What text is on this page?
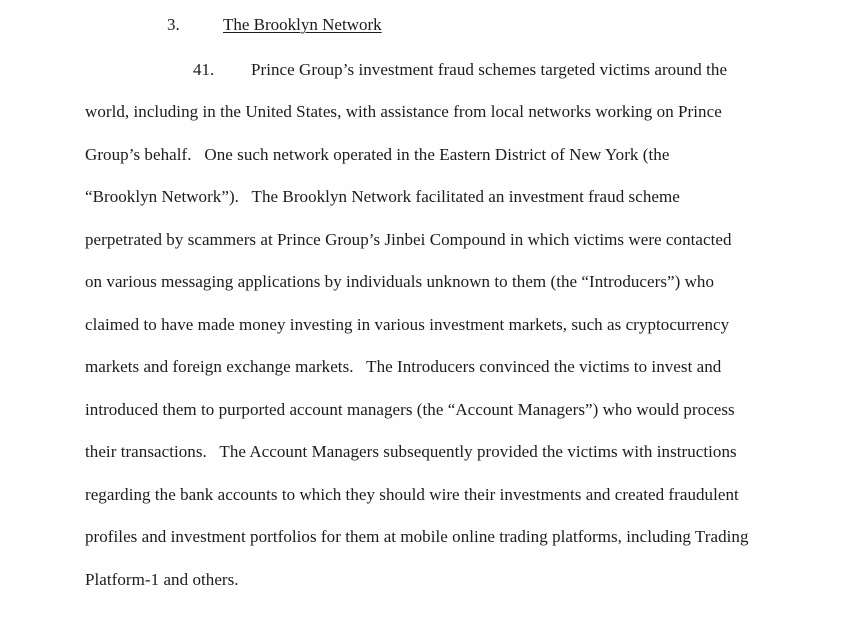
3.	The Brooklyn Network
41. Prince Group’s investment fraud schemes targeted victims around the
world, including in the United States, with assistance from local networks working on Prince
Group’s behalf.   One such network operated in the Eastern District of New York (the
“Brooklyn Network”).   The Brooklyn Network facilitated an investment fraud scheme
perpetrated by scammers at Prince Group’s Jinbei Compound in which victims were contacted
on various messaging applications by individuals unknown to them (the “Introducers”) who
claimed to have made money investing in various investment markets, such as cryptocurrency
markets and foreign exchange markets.   The Introducers convinced the victims to invest and
introduced them to purported account managers (the “Account Managers”) who would process
their transactions.   The Account Managers subsequently provided the victims with instructions
regarding the bank accounts to which they should wire their investments and created fraudulent
profiles and investment portfolios for them at mobile online trading platforms, including Trading
Platform-1 and others.
